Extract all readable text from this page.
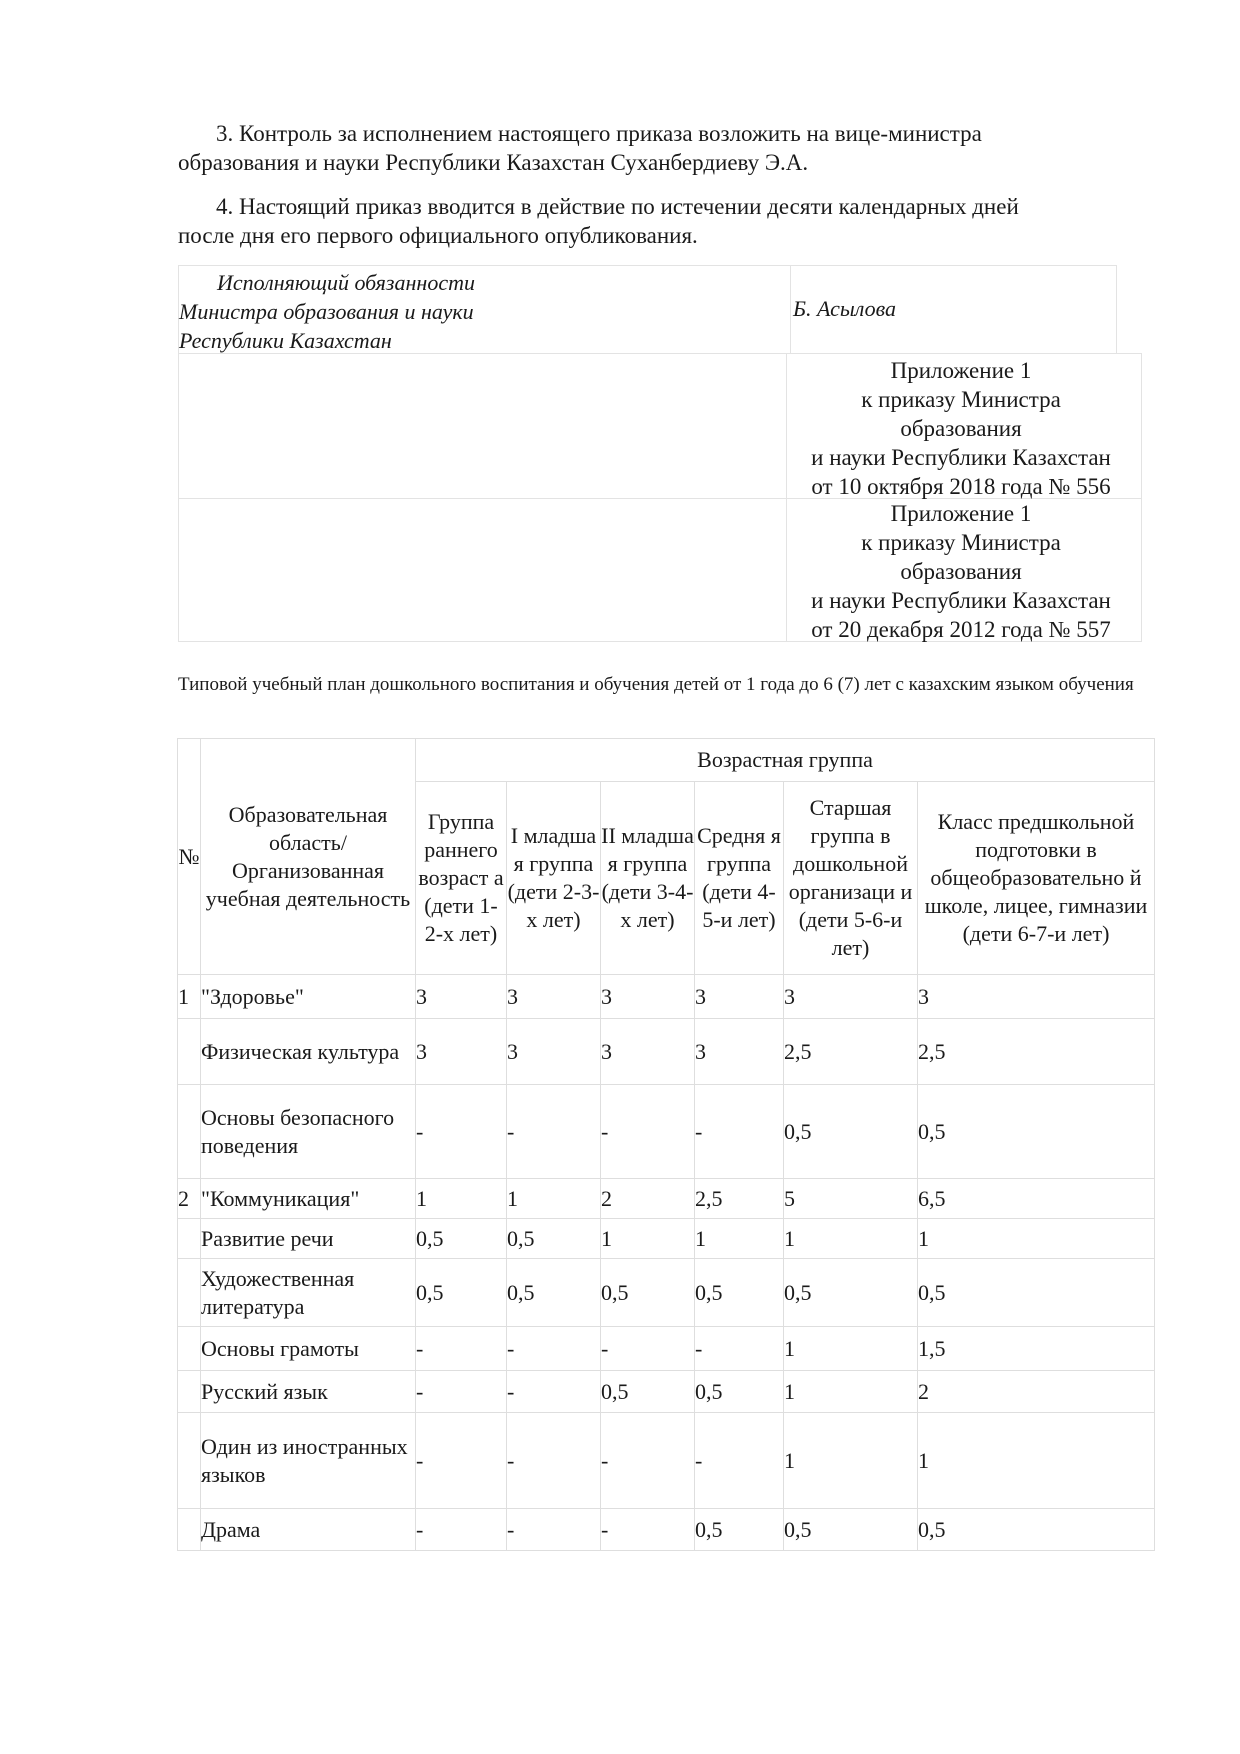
3. Контроль за исполнением настоящего приказа возложить на вице-министра
образования и науки Республики Казахстан Суханбердиеву Э.А.
4. Настоящий приказ вводится в действие по истечении десяти календарных дней
после дня его первого официального опубликования.
Исполняющий обязанности
Министра образования и науки
Республики Казахстан
Б. Асылова
Приложение 1
к приказу Министра
образования
и науки Республики Казахстан
от 10 октября 2018 года № 556
Приложение 1
к приказу Министра
образования
и науки Республики Казахстан
от 20 декабря 2012 года № 557
Типовой учебный план дошкольного воспитания и обучения детей от 1 года до 6 (7) лет с казахским языком обучения
№	Образовательная область/ Организованная учебная деятельность	Возрастная группа					
		Группа раннего возраст а (дети 1-2-х лет)	I младша я группа (дети 2-3-х лет)	II младша я группа (дети 3-4-х лет)	Средня я группа (дети 4-5-и лет)	Старшая группа в дошкольной организаци и (дети 5-6-и лет)	Класс предшкольной подготовки в общеобразовательно й школе, лицее, гимназии (дети 6-7-и лет)
1	"Здоровье"	3	3	3	3	3	3
	Физическая культура	3	3	3	3	2,5	2,5
	Основы безопасного поведения	-	-	-	-	0,5	0,5
2	"Коммуникация"	1	1	2	2,5	5	6,5
	Развитие речи	0,5	0,5	1	1	1	1
	Художественная литература	0,5	0,5	0,5	0,5	0,5	0,5
	Основы грамоты	-	-	-	-	1	1,5
	Русский язык	-	-	0,5	0,5	1	2
	Один из иностранных языков	-	-	-	-	1	1
	Драма	-	-	-	0,5	0,5	0,5
